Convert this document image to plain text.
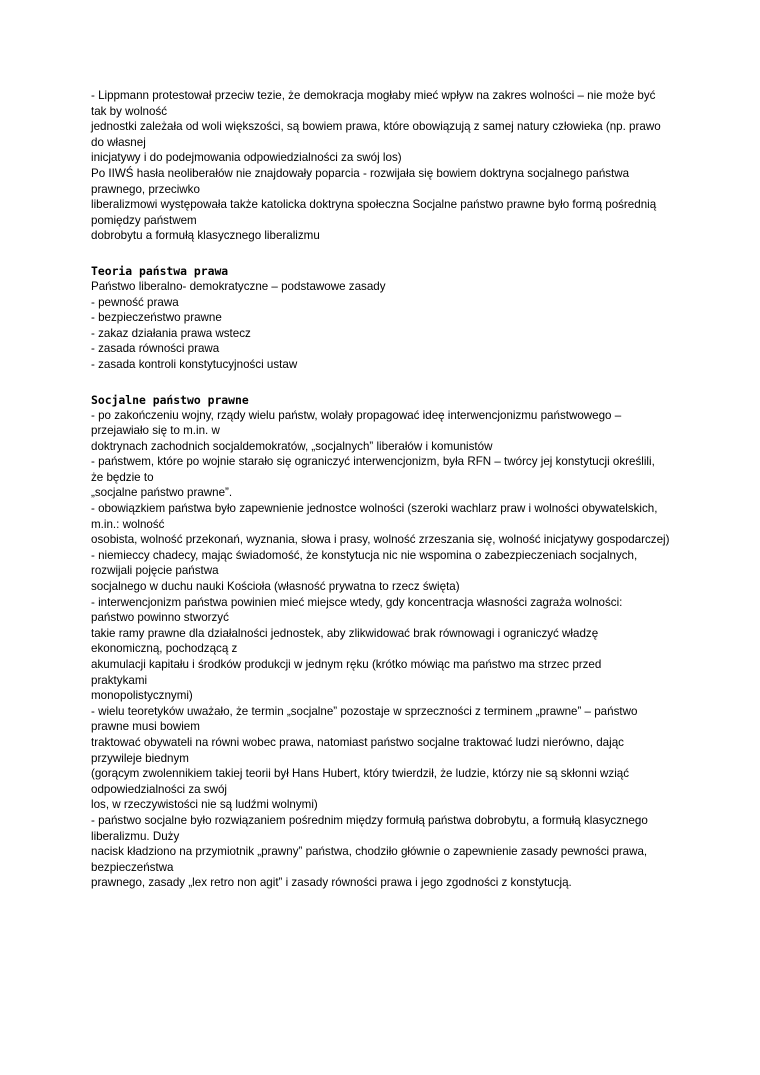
- Lippmann protestował przeciw tezie, że demokracja mogłaby mieć wpływ na zakres wolności – nie może być
tak by wolność
jednostki zależała od woli większości, są bowiem prawa, które obowiązują z samej natury człowieka (np. prawo
do własnej
inicjatywy i do podejmowania odpowiedzialności za swój los)
Po IIWŚ hasła neoliberałów nie znajdowały poparcia - rozwijała się bowiem doktryna socjalnego państwa
prawnego, przeciwko
liberalizmowi występowała także katolicka doktryna społeczna Socjalne państwo prawne było formą pośrednią
pomiędzy państwem
dobrobytu a formułą klasycznego liberalizmu
Teoria państwa prawa
Państwo liberalno- demokratyczne – podstawowe zasady
- pewność prawa
- bezpieczeństwo prawne
- zakaz działania prawa wstecz
- zasada równości prawa
- zasada kontroli konstytucyjności ustaw
Socjalne państwo prawne
- po zakończeniu wojny, rządy wielu państw, wolały propagować ideę interwencjonizmu państwowego –
przejawiało się to m.in. w
doktrynach zachodnich socjaldemokratów, „socjalnych” liberałów i komunistów
- państwem, które po wojnie starało się ograniczyć interwencjonizm, była RFN – twórcy jej konstytucji określili,
że będzie to
„socjalne państwo prawne”.
- obowiązkiem państwa było zapewnienie jednostce wolności (szeroki wachlarz praw i wolności obywatelskich,
m.in.: wolność
osobista, wolność przekonań, wyznania, słowa i prasy, wolność zrzeszania się, wolność inicjatywy gospodarczej)
- niemieccy chadecy, mając świadomość, że konstytucja nic nie wspomina o zabezpieczeniach socjalnych,
rozwijali pojęcie państwa
socjalnego w duchu nauki Kościoła (własność prywatna to rzecz święta)
- interwencjonizm państwa powinien mieć miejsce wtedy, gdy koncentracja własności zagraża wolności:
państwo powinno stworzyć
takie ramy prawne dla działalności jednostek, aby zlikwidować brak równowagi i ograniczyć władzę
ekonomiczną, pochodzącą z
akumulacji kapitału i środków produkcji w jednym ręku (krótko mówiąc ma państwo ma strzec przed
praktykami
monopolistycznymi)
- wielu teoretyków uważało, że termin „socjalne” pozostaje w sprzeczności z terminem „prawne” – państwo
prawne musi bowiem
traktować obywateli na równi wobec prawa, natomiast państwo socjalne traktować ludzi nierówno, dając
przywileje biednym
(gorącym zwolennikiem takiej teorii był Hans Hubert, który twierdził, że ludzie, którzy nie są skłonni wziąć
odpowiedzialności za swój
los, w rzeczywistości nie są ludźmi wolnymi)
- państwo socjalne było rozwiązaniem pośrednim między formułą państwa dobrobytu, a formułą klasycznego
liberalizmu. Duży
nacisk kładziono na przymiotnik „prawny” państwa, chodziło głównie o zapewnienie zasady pewności prawa,
bezpieczeństwa
prawnego, zasady „lex retro non agit” i zasady równości prawa i jego zgodności z konstytucją.
